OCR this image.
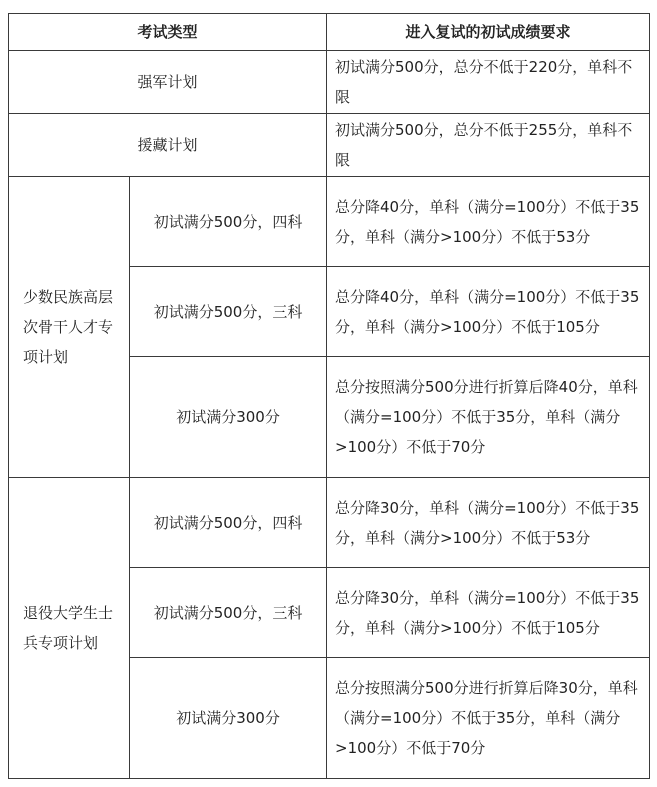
考试类型		进入复试的初试成绩要求
强军计划		初试满分500分，总分不低于220分，单科不限
援藏计划		初试满分500分，总分不低于255分，单科不限
少数民族高层次骨干人才专项计划	初试满分500分，四科	总分降40分，单科（满分=100分）不低于35分，单科（满分>100分）不低于53分
	初试满分500分，三科	总分降40分，单科（满分=100分）不低于35分，单科（满分>100分）不低于105分
	初试满分300分	总分按照满分500分进行折算后降40分，单科（满分=100分）不低于35分，单科（满分>100分）不低于70分
退役大学生士兵专项计划	初试满分500分，四科	总分降30分，单科（满分=100分）不低于35分，单科（满分>100分）不低于53分
	初试满分500分，三科	总分降30分，单科（满分=100分）不低于35分，单科（满分>100分）不低于105分
	初试满分300分	总分按照满分500分进行折算后降30分，单科（满分=100分）不低于35分，单科（满分>100分）不低于70分
